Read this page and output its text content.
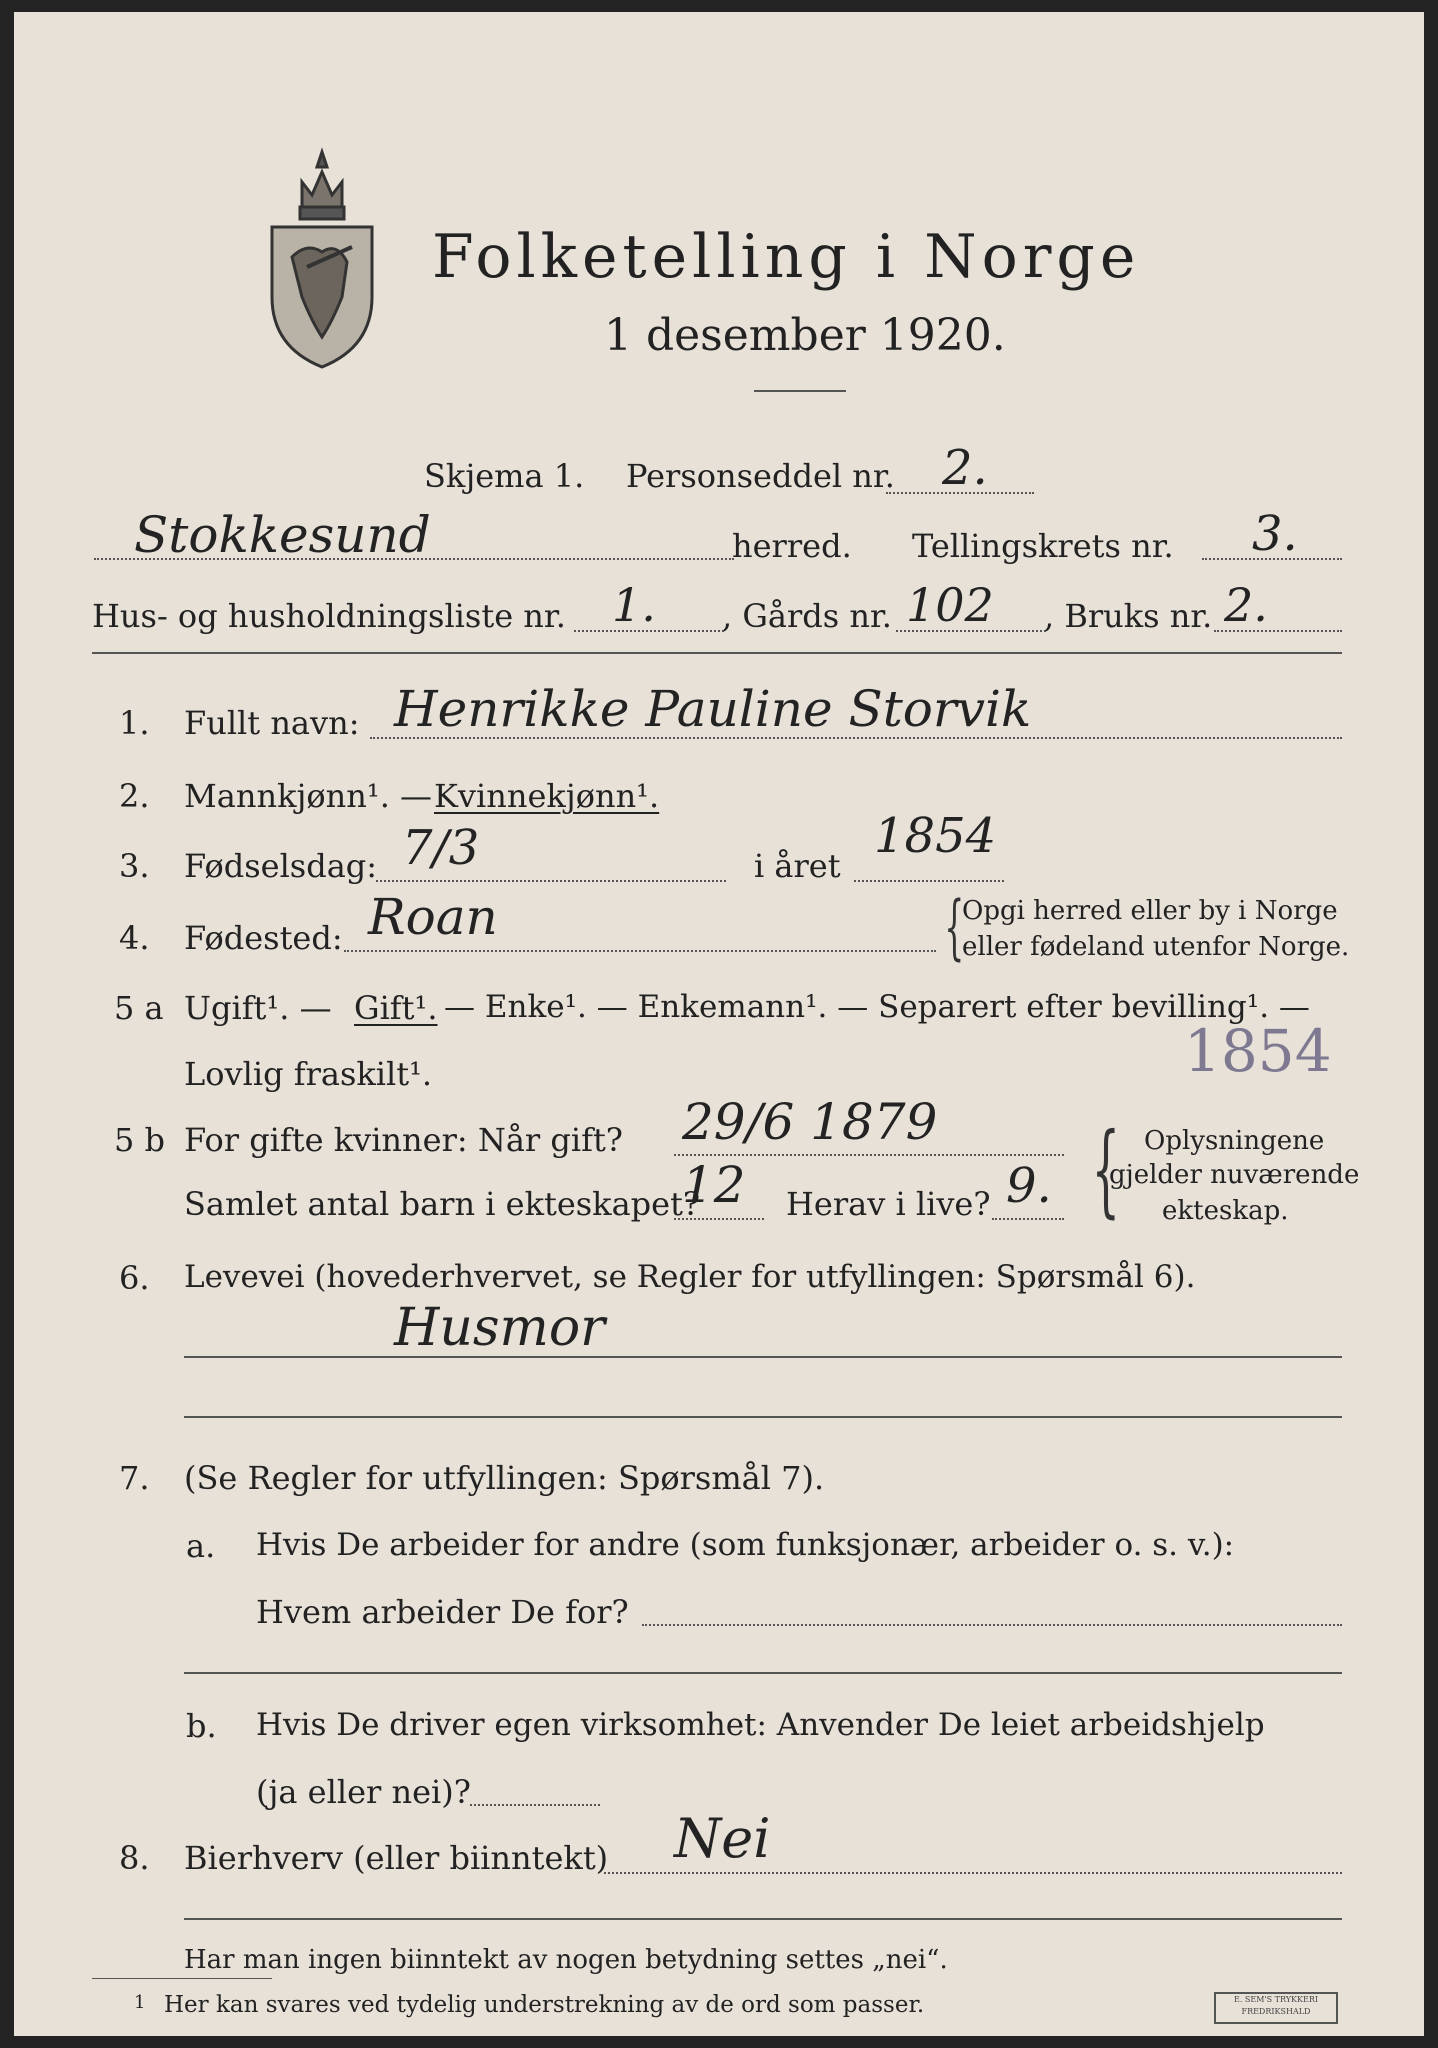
Folketelling i Norge
1 desember 1920.
Skjema 1. Personseddel nr. 2.
Stokkesund	herred. Tellingskrets nr. 3.
Hus- og husholdningsliste nr. 1. , Gårds nr. 102 , Bruks nr. 2.
1. Fullt navn: Henrikke Pauline Storvik
2. Mannkjønn¹. — Kvinnekjønn¹.
3. Fødselsdag: 7/3	i året
1854
4. Fødested: Roan	{
Opgi herred eller by i Norge
eller fødeland utenfor Norge.
5 a Ugift¹. — Gift¹. — Enke¹. — Enkemann¹. — Separert efter bevilling¹. —
Lovlig fraskilt¹.	1854
5 b For gifte kvinner: Når gift? 29/6 1879
Samlet antal barn i ekteskapet?
12 Herav i live? 9. { Oplysningene
gjelder nuværende
ekteskap.
6. Levevei (hovederhvervet, se Regler for utfyllingen: Spørsmål 6).
Husmor
7. (Se Regler for utfyllingen: Spørsmål 7).
a. Hvis De arbeider for andre (som funksjonær, arbeider o. s. v.):
Hvem arbeider De for?
b. Hvis De driver egen virksomhet: Anvender De leiet arbeidshjelp
(ja eller nei)?
8. Bierhverv (eller biinntekt) Nei
Har man ingen biinntekt av nogen betydning settes „nei“.
1 Her kan svares ved tydelig understrekning av de ord som passer.	E. SEM'S TRYKKERI
FREDRIKSHALD
